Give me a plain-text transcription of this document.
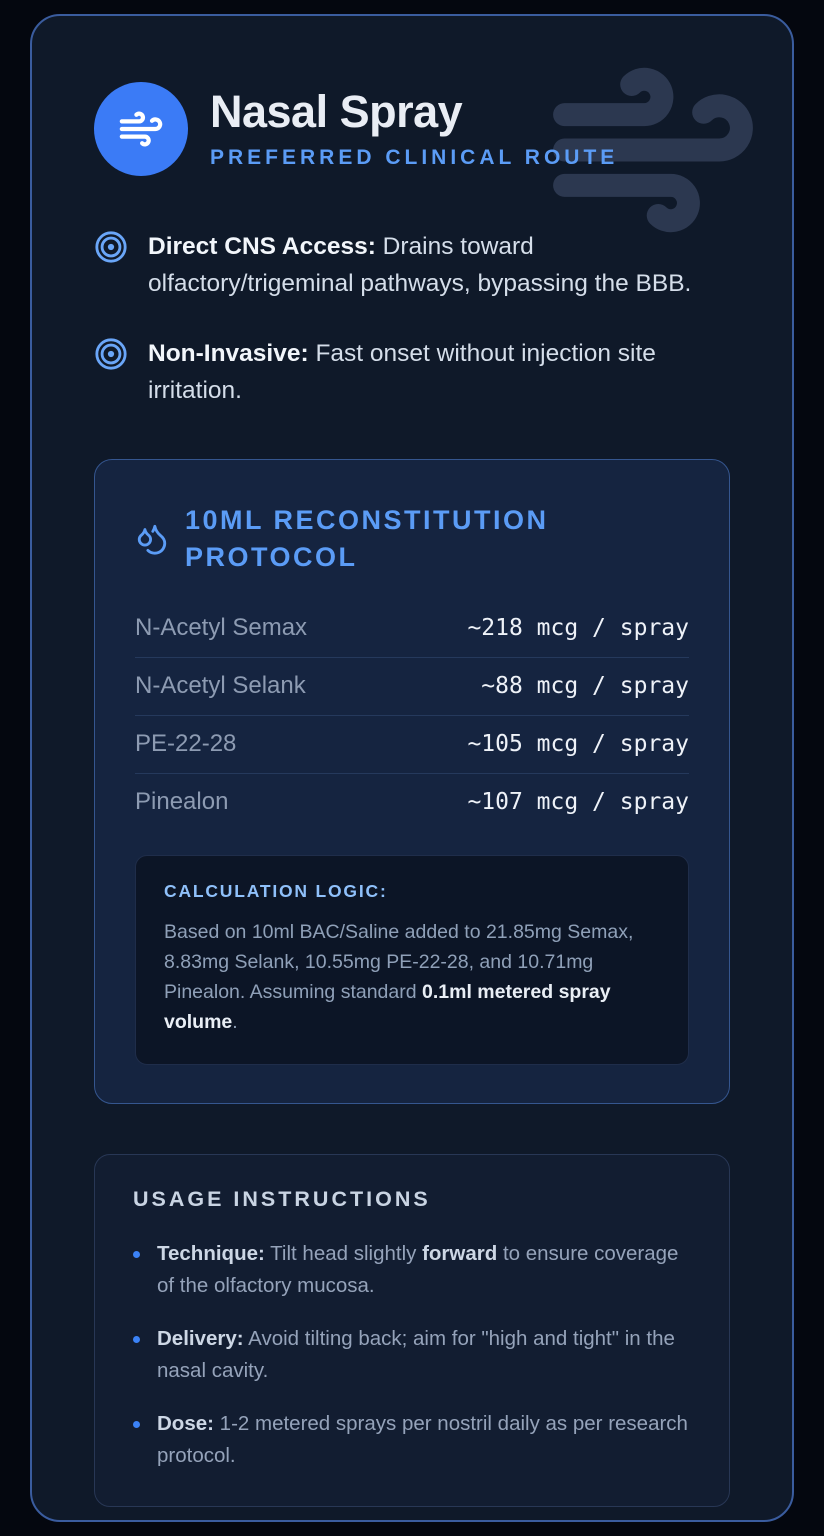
Nasal Spray
PREFERRED CLINICAL ROUTE

Direct CNS Access: Drains toward olfactory/trigeminal pathways, bypassing the BBB.

Non-Invasive: Fast onset without injection site irritation.

10ML RECONSTITUTION PROTOCOL
N-Acetyl Semax	~218 mcg / spray
N-Acetyl Selank	~88 mcg / spray
PE-22-28	~105 mcg / spray
Pinealon	~107 mcg / spray
CALCULATION LOGIC:

Based on 10ml BAC/Saline added to 21.85mg Semax, 8.83mg Selank, 10.55mg PE-22-28, and 10.71mg Pinealon. Assuming standard 0.1ml metered spray volume.

USAGE INSTRUCTIONS

Technique: Tilt head slightly forward to ensure coverage of the olfactory mucosa.

Delivery: Avoid tilting back; aim for "high and tight" in the nasal cavity.

Dose: 1-2 metered sprays per nostril daily as per research protocol.
